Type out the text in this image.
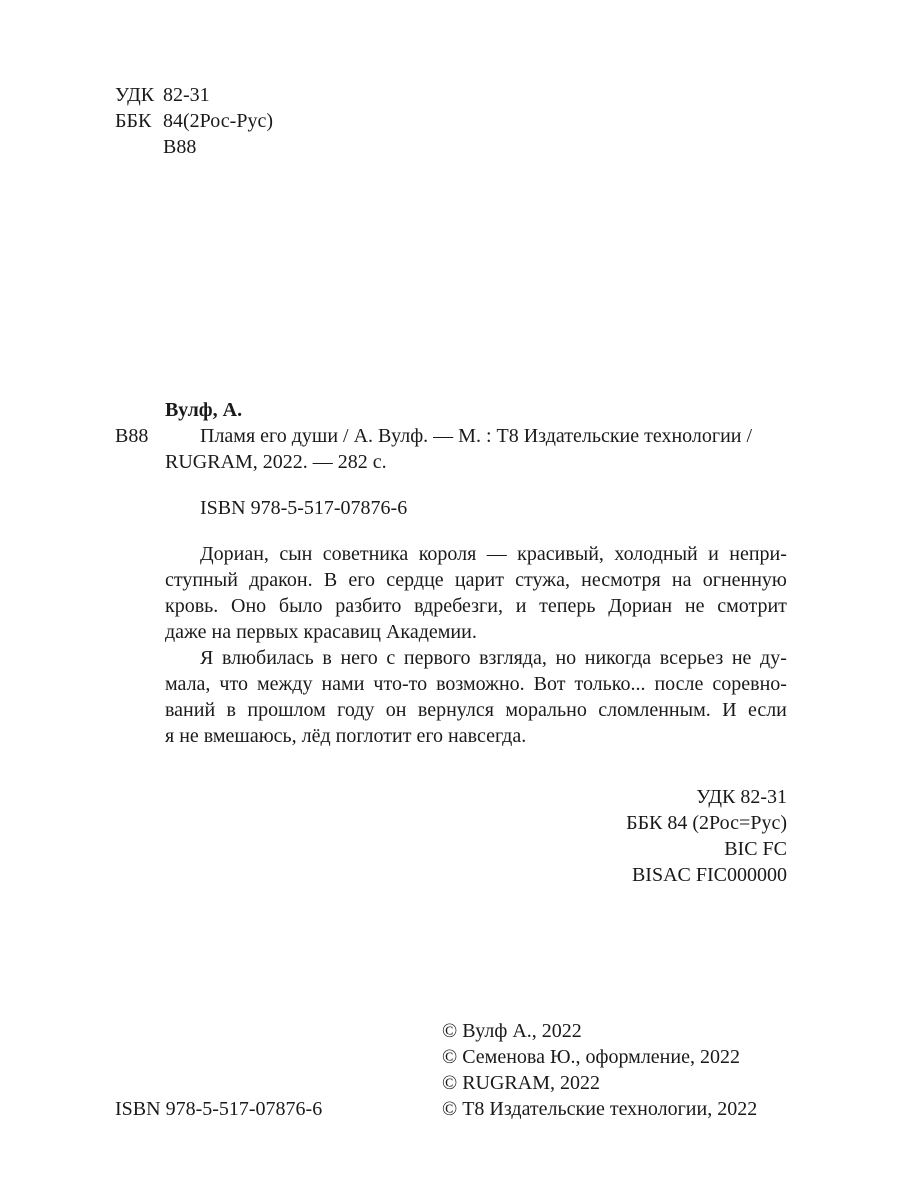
УДК 82-31
ББК 84(2Рос-Рус)
В88
Вулф, А.
В88	Пламя его души / А. Вулф. — М. : Т8 Издательские технологии /
RUGRAM, 2022. — 282 с.
ISBN 978-5-517-07876-6
Дориан, сын советника короля — красивый, холодный и непри-
ступный дракон. В его сердце царит стужа, несмотря на огненную
кровь. Оно было разбито вдребезги, и теперь Дориан не смотрит
даже на первых красавиц Академии.
Я влюбилась в него с первого взгляда, но никогда всерьез не ду-
мала, что между нами что-то возможно. Вот только... после соревно-
ваний в прошлом году он вернулся морально сломленным. И если
я не вмешаюсь, лёд поглотит его навсегда.
УДК 82-31
ББК 84 (2Рос=Рус)
BIC FC
BISAC FIC000000
© Вулф А., 2022
© Семенова Ю., оформление, 2022
© RUGRAM, 2022
© Т8 Издательские технологии, 2022
ISBN 978-5-517-07876-6
